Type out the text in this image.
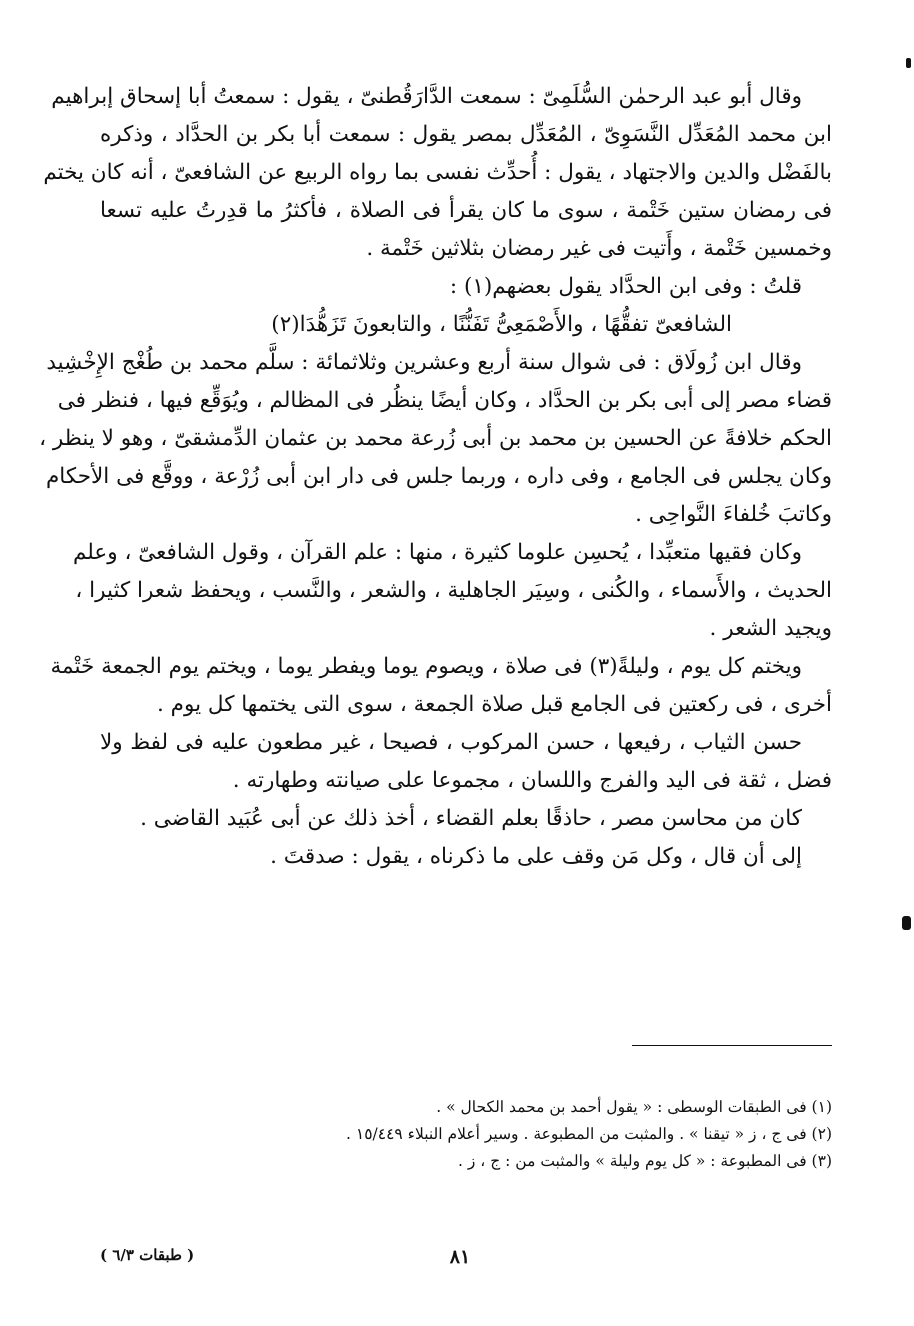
وقال أبو عبد الرحمٰن السُّلَمِىّ : سمعت الدَّارَقُطنىّ ، يقول : سمعتُ أبا إسحاق إبراهيم
ابن محمد المُعَدِّل النَّسَوِىّ ، المُعَدِّل بمصر يقول : سمعت أبا بكر بن الحدَّاد ، وذكره
بالفَضْل والدين والاجتهاد ، يقول : أُحدِّث نفسى بما رواه الربيع عن الشافعىّ ، أنه كان يختم
فى رمضان ستين خَتْمة ، سوى ما كان يقرأ فى الصلاة ، فأكثرُ ما قدِرتُ عليه تسعا
وخمسين خَتْمة ، وأَتيت فى غير رمضان بثلاثين خَتْمة .
قلتُ : وفى ابن الحدَّاد يقول بعضهم(١) :
الشافعىّ تفقُّهًا ، والأَصْمَعِىُّ تَفَنُّنًا ، والتابعونَ تَزَهُّدَا(٢)
وقال ابن زُولَاق : فى شوال سنة أربع وعشرين وثلاثمائة : سلَّم محمد بن طُغْج الإِخْشِيد
قضاء مصر إلى أبى بكر بن الحدَّاد ، وكان أيضًا ينظُر فى المظالم ، ويُوَقِّع فيها ، فنظر فى
الحكم خلافةً عن الحسين بن محمد بن أبى زُرعة محمد بن عثمان الدِّمشقىّ ، وهو لا ينظر ،
وكان يجلس فى الجامع ، وفى داره ، وربما جلس فى دار ابن أبى زُرْعة ، ووقَّع فى الأحكام
وكاتبَ خُلفاءَ النَّواحِى .
وكان فقيها متعبِّدا ، يُحسِن علوما كثيرة ، منها : علم القرآن ، وقول الشافعىّ ، وعلم
الحديث ، والأَسماء ، والكُنى ، وسِيَر الجاهلية ، والشعر ، والنَّسب ، ويحفظ شعرا كثيرا ،
ويجيد الشعر .
ويختم كل يوم ، وليلةً(٣) فى صلاة ، ويصوم يوما ويفطر يوما ، ويختم يوم الجمعة خَتْمة
أخرى ، فى ركعتين فى الجامع قبل صلاة الجمعة ، سوى التى يختمها كل يوم .
حسن الثياب ، رفيعها ، حسن المركوب ، فصيحا ، غير مطعون عليه فى لفظ ولا
فضل ، ثقة فى اليد والفرج واللسان ، مجموعا على صيانته وطهارته .
كان من محاسن مصر ، حاذقًا بعلم القضاء ، أخذ ذلك عن أبى عُبَيد القاضى .
إلى أن قال ، وكل مَن وقف على ما ذكرناه ، يقول : صدقتَ .
(١) فى الطبقات الوسطى : « يقول أحمد بن محمد الكحال » .
(٢) فى ج ، ز « تيقنا » . والمثبت من المطبوعة . وسير أعلام النبلاء ١٥/٤٤٩ .
(٣) فى المطبوعة : « كل يوم وليلة » والمثبت من : ج ، ز .
٨١
( طبقات ٦/٣ )
